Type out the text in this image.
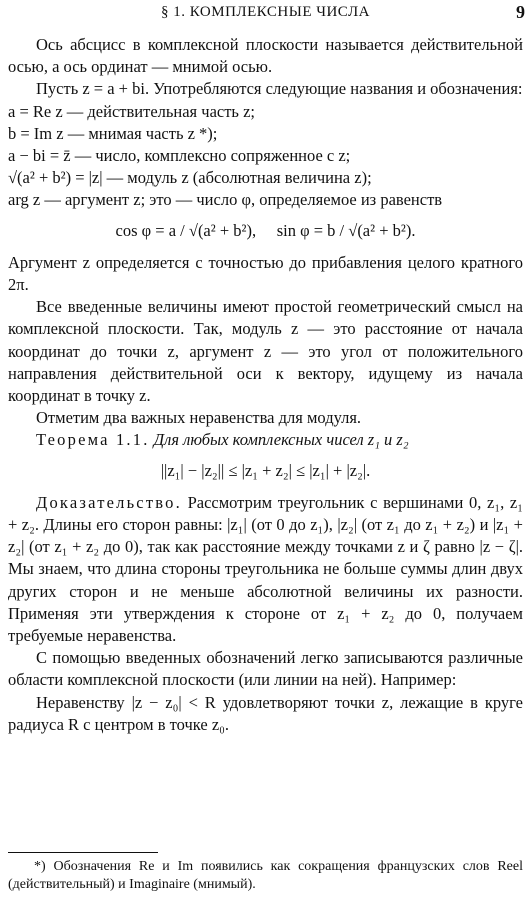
§ 1. КОМПЛЕКСНЫЕ ЧИСЛА	9

Ось абсцисс в комплексной плоскости называется действительной осью, а ось ординат — мнимой осью.

Пусть z = a + bi. Употребляются следующие названия и обозначения:

a = Re z — действительная часть z;

b = Im z — мнимая часть z *);

a − bi = z̄ — число, комплексно сопряженное с z;

√(a² + b²) = |z| — модуль z (абсолютная величина z);

arg z — аргумент z; это — число φ, определяемое из равенств

cos φ = a / √(a² + b²), sin φ = b / √(a² + b²).

Аргумент z определяется с точностью до прибавления целого кратного 2π.

Все введенные величины имеют простой геометрический смысл на комплексной плоскости. Так, модуль z — это расстояние от начала координат до точки z, аргумент z — это угол от положительного направления действительной оси к вектору, идущему из начала координат в точку z.

Отметим два важных неравенства для модуля.

Теорема 1.1. Для любых комплексных чисел z₁ и z₂

||z₁| − |z₂|| ≤ |z₁ + z₂| ≤ |z₁| + |z₂|.

Доказательство. Рассмотрим треугольник с вершинами 0, z₁, z₁ + z₂. Длины его сторон равны: |z₁| (от 0 до z₁), |z₂| (от z₁ до z₁ + z₂) и |z₁ + z₂| (от z₁ + z₂ до 0), так как расстояние между точками z и ζ равно |z − ζ|. Мы знаем, что длина стороны треугольника не больше суммы длин двух других сторон и не меньше абсолютной величины их разности. Применяя эти утверждения к стороне от z₁ + z₂ до 0, получаем требуемые неравенства.

С помощью введенных обозначений легко записываются различные области комплексной плоскости (или линии на ней). Например:

Неравенству |z − z₀| < R удовлетворяют точки z, лежащие в круге радиуса R с центром в точке z₀.

*) Обозначения Re и Im появились как сокращения французских слов Reel (действительный) и Imaginaire (мнимый).
